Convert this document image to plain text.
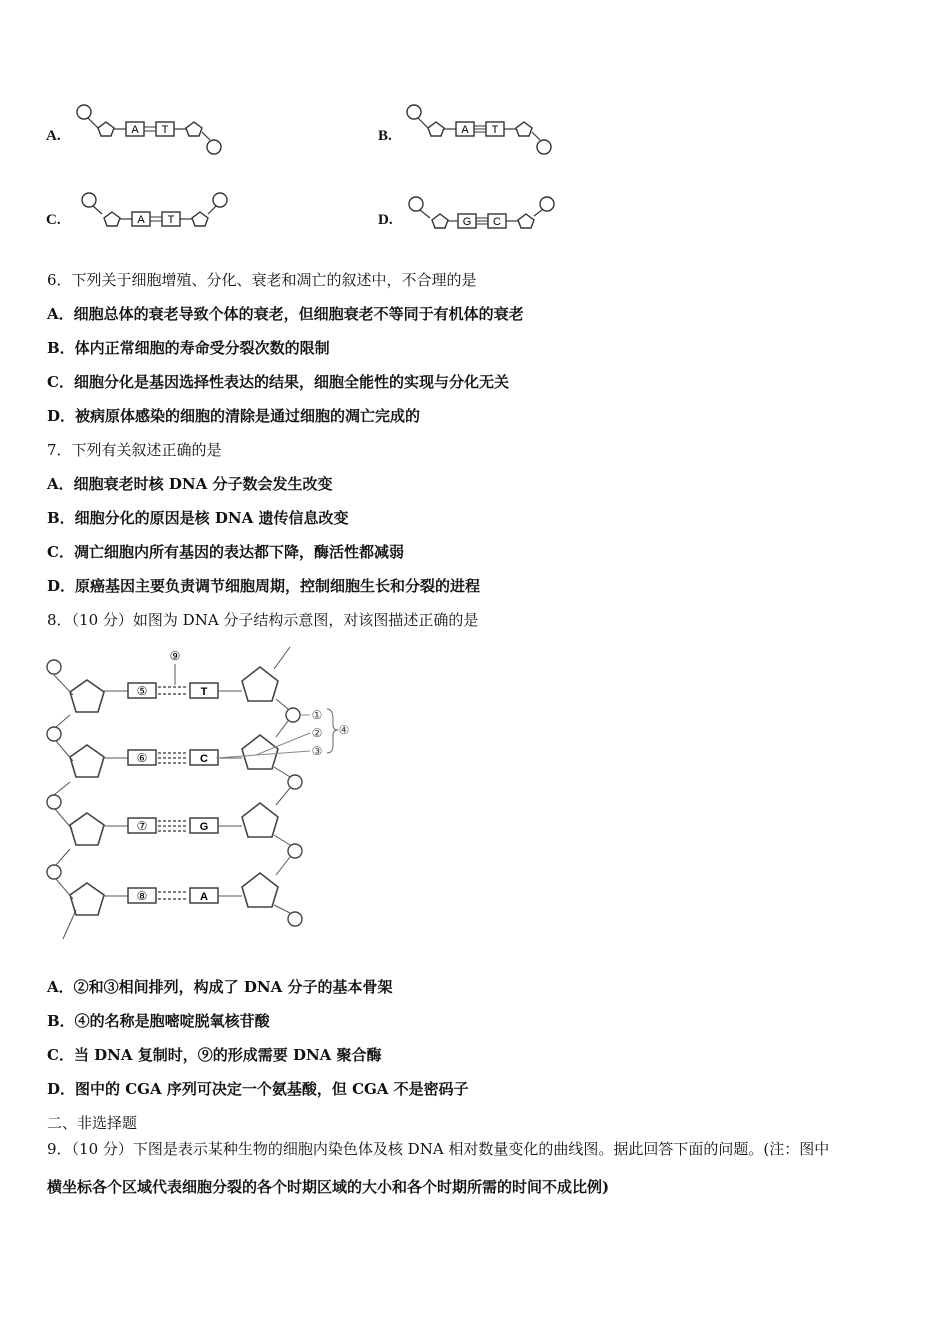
A.	A T	B.	A T
C.	A T	D.	G C
6．下列关于细胞增殖、分化、衰老和凋亡的叙述中，不合理的是
A．细胞总体的衰老导致个体的衰老，但细胞衰老不等同于有机体的衰老
B．体内正常细胞的寿命受分裂次数的限制
C．细胞分化是基因选择性表达的结果，细胞全能性的实现与分化无关
D．被病原体感染的细胞的清除是通过细胞的凋亡完成的
7．下列有关叙述正确的是
A．细胞衰老时核 DNA 分子数会发生改变
B．细胞分化的原因是核 DNA 遗传信息改变
C．凋亡细胞内所有基因的表达都下降，酶活性都减弱
D．原癌基因主要负责调节细胞周期，控制细胞生长和分裂的进程
8．（10 分）如图为 DNA 分子结构示意图，对该图描述正确的是
⑤
⑥
⑦
⑧
⑨
T
C
G
A
①
②
③
④
A．②和③相间排列，构成了 DNA 分子的基本骨架
B．④的名称是胞嘧啶脱氧核苷酸
C．当 DNA 复制时，⑨的形成需要 DNA 聚合酶
D．图中的 CGA 序列可决定一个氨基酸，但 CGA 不是密码子
二、非选择题
9．（10 分）下图是表示某种生物的细胞内染色体及核 DNA 相对数量变化的曲线图。据此回答下面的问题。(注：图中
横坐标各个区域代表细胞分裂的各个时期区域的大小和各个时期所需的时间不成比例)
